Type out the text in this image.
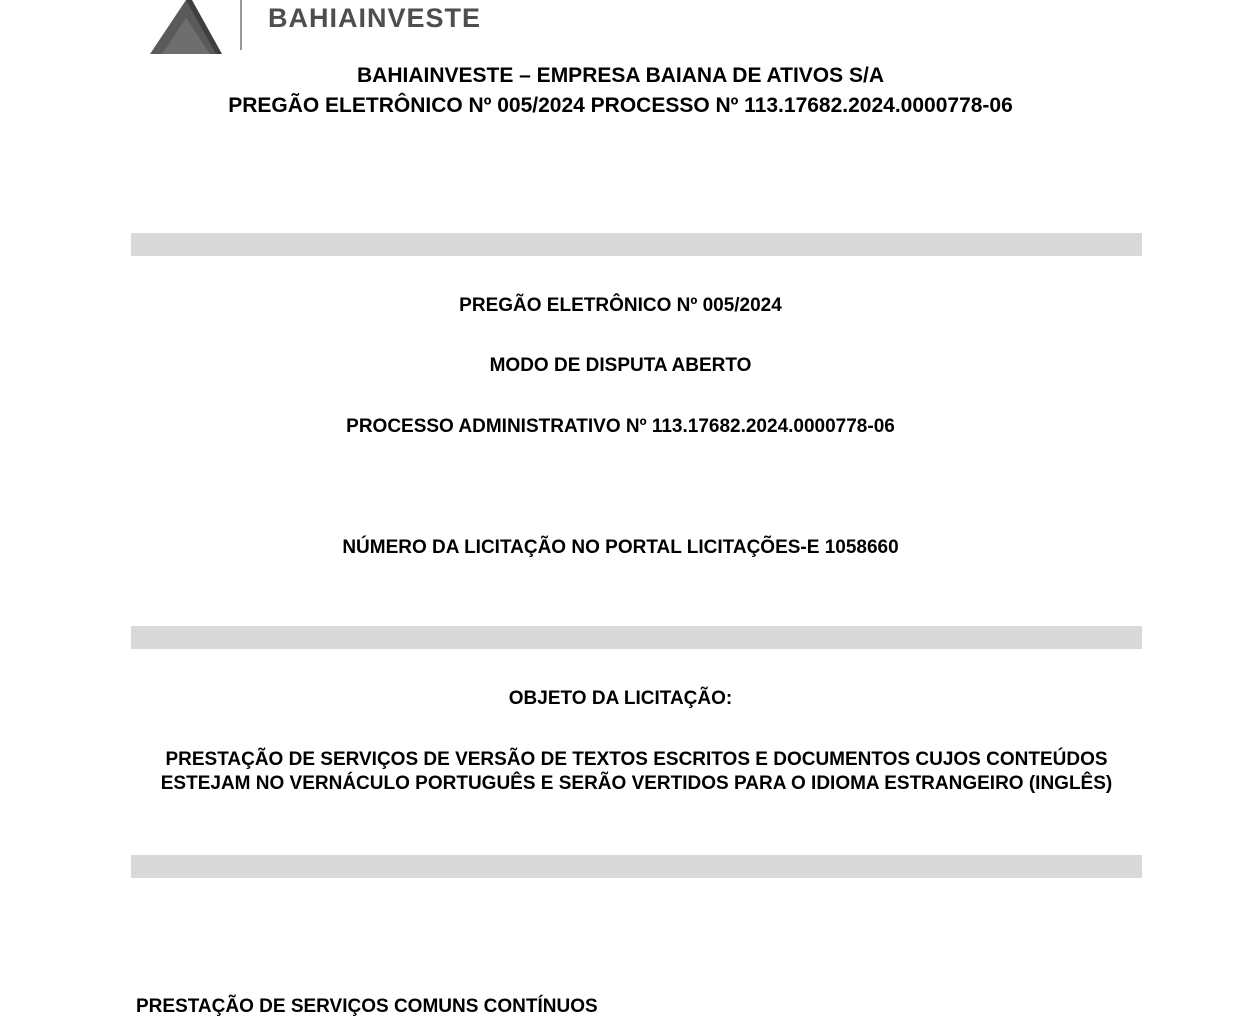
BAHIAINVESTE
BAHIAINVESTE – EMPRESA BAIANA DE ATIVOS S/A
PREGÃO ELETRÔNICO Nº 005/2024 PROCESSO Nº 113.17682.2024.0000778-06
PREGÃO ELETRÔNICO Nº 005/2024
MODO DE DISPUTA ABERTO
PROCESSO ADMINISTRATIVO Nº 113.17682.2024.0000778-06
NÚMERO DA LICITAÇÃO NO PORTAL LICITAÇÕES-E 1058660
OBJETO DA LICITAÇÃO:
PRESTAÇÃO DE SERVIÇOS DE VERSÃO DE TEXTOS ESCRITOS E DOCUMENTOS CUJOS CONTEÚDOS ESTEJAM NO VERNÁCULO PORTUGUÊS E SERÃO VERTIDOS PARA O IDIOMA ESTRANGEIRO (INGLÊS)
PRESTAÇÃO DE SERVIÇOS COMUNS CONTÍNUOS
